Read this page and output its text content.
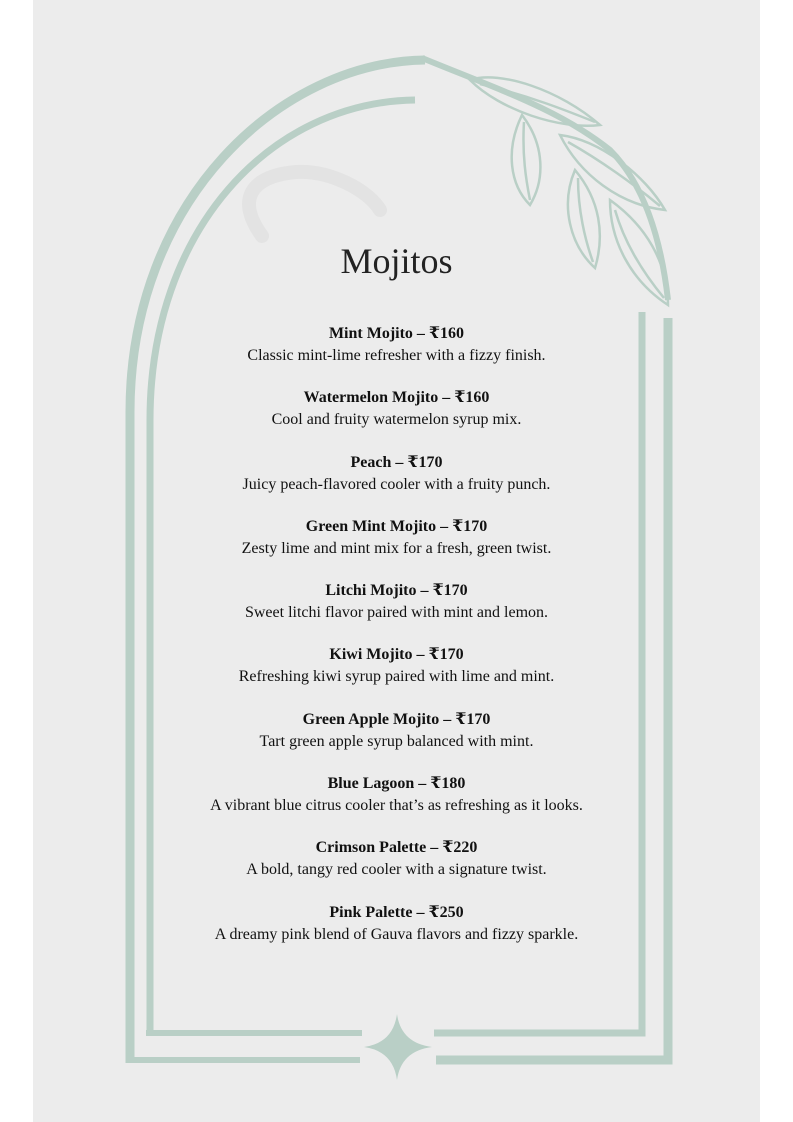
Mojitos
Mint Mojito – ₹160
Classic mint-lime refresher with a fizzy finish.
Watermelon Mojito – ₹160
Cool and fruity watermelon syrup mix.
Peach – ₹170
Juicy peach-flavored cooler with a fruity punch.
Green Mint Mojito – ₹170
Zesty lime and mint mix for a fresh, green twist.
Litchi Mojito – ₹170
Sweet litchi flavor paired with mint and lemon.
Kiwi Mojito – ₹170
Refreshing kiwi syrup paired with lime and mint.
Green Apple Mojito – ₹170
Tart green apple syrup balanced with mint.
Blue Lagoon – ₹180
A vibrant blue citrus cooler that’s as refreshing as it looks.
Crimson Palette – ₹220
A bold, tangy red cooler with a signature twist.
Pink Palette – ₹250
A dreamy pink blend of Gauva flavors and fizzy sparkle.
